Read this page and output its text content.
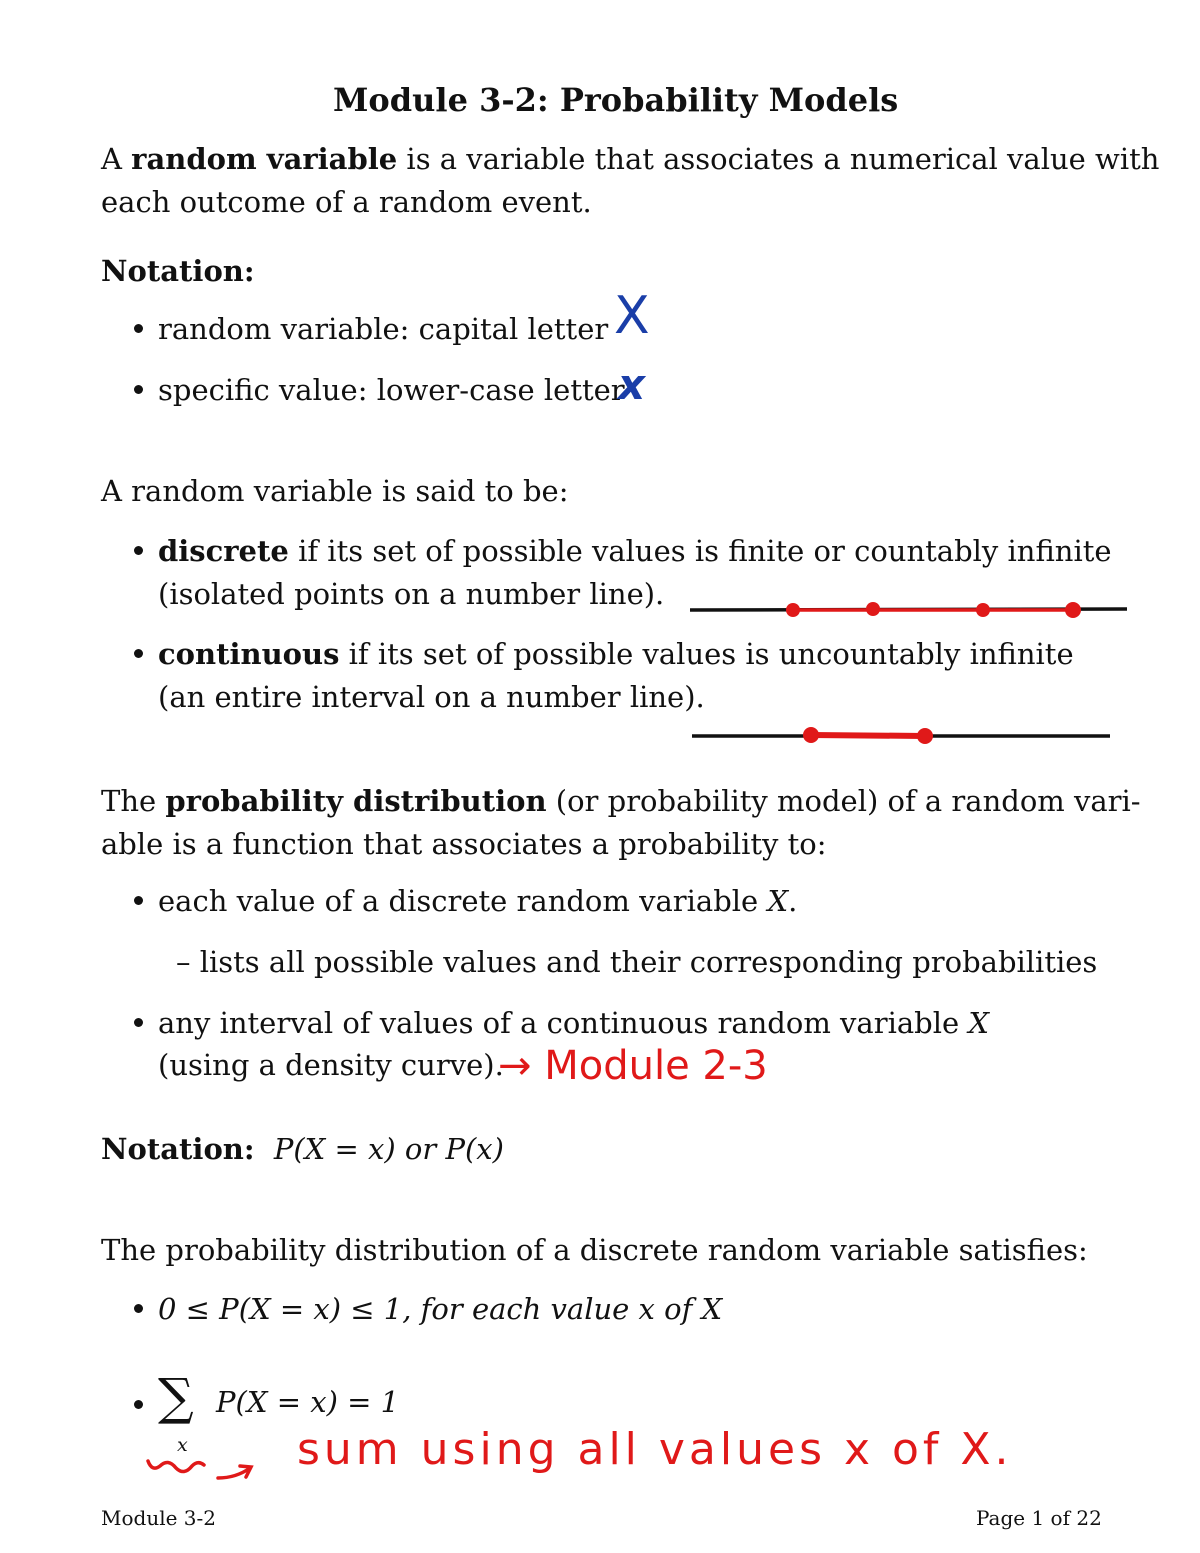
Module 3-2: Probability Models
A random variable is a variable that associates a numerical value with
each outcome of a random event.
Notation:
random variable: capital letter
specific value: lower-case letter
X
x
A random variable is said to be:
discrete if its set of possible values is finite or countably infinite
(isolated points on a number line).
continuous if its set of possible values is uncountably infinite
(an entire interval on a number line).
The probability distribution (or probability model) of a random vari-
able is a function that associates a probability to:
each value of a discrete random variable X.
– lists all possible values and their corresponding probabilities
any interval of values of a continuous random variable X
(using a density curve).
→ Module 2-3
Notation: P(X = x) or P(x)
The probability distribution of a discrete random variable satisfies:
0 ≤ P(X = x) ≤ 1, for each value x of X
∑
x
P(X = x) = 1
sum using all values x of X.
Module 3-2	Page 1 of 22
